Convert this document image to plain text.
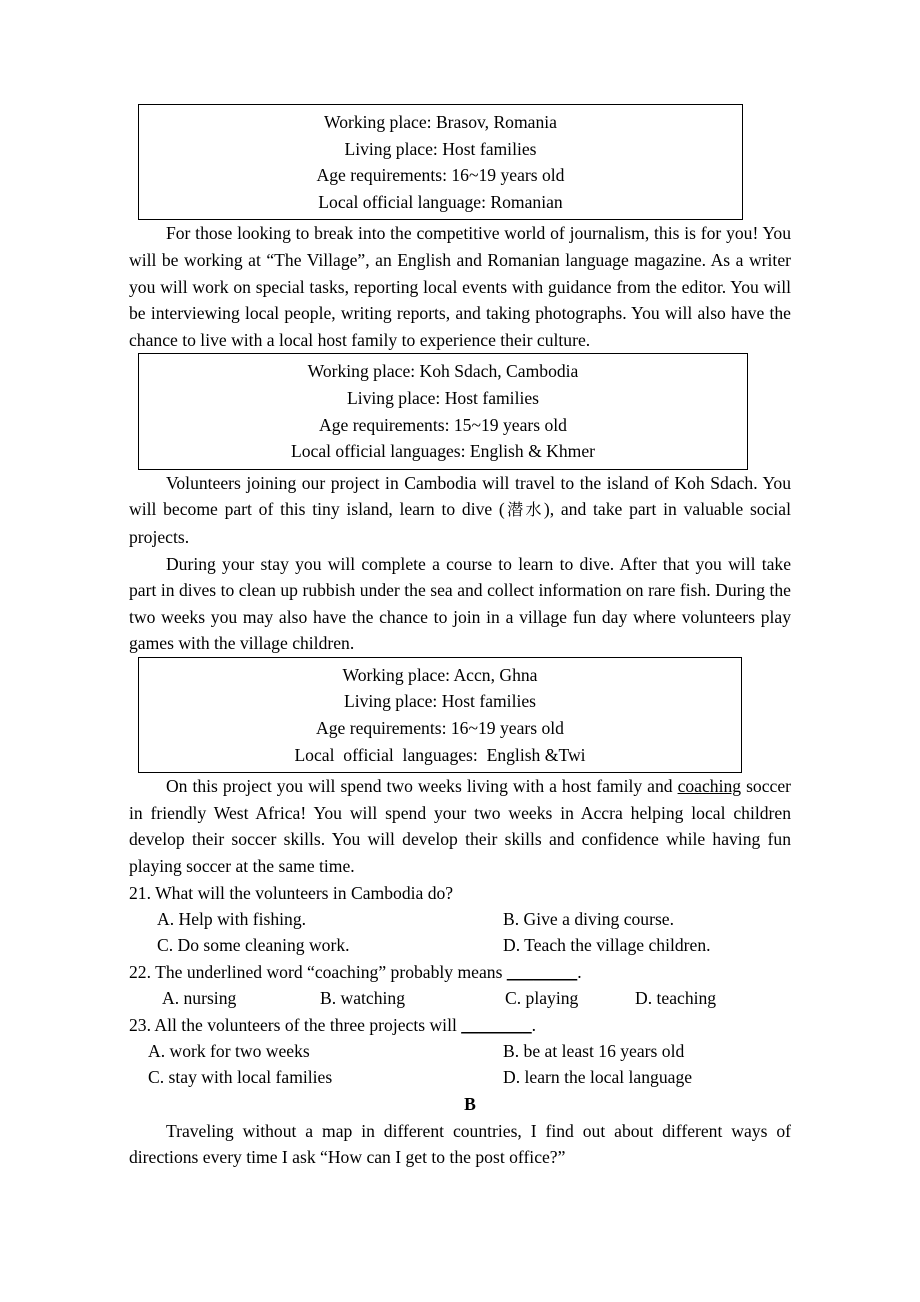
Working place: Brasov, Romania
Living place: Host families
Age requirements: 16~19 years old
Local official language: Romanian

For those looking to break into the competitive world of journalism, this is for you! You will be working at “The Village”, an English and Romanian language magazine. As a writer you will work on special tasks, reporting local events with guidance from the editor. You will be interviewing local people, writing reports, and taking photographs. You will also have the chance to live with a local host family to experience their culture.

Working place: Koh Sdach, Cambodia
Living place: Host families
Age requirements: 15~19 years old
Local official languages: English & Khmer

Volunteers joining our project in Cambodia will travel to the island of Koh Sdach. You will become part of this tiny island, learn to dive (潜水), and take part in valuable social projects.

During your stay you will complete a course to learn to dive. After that you will take part in dives to clean up rubbish under the sea and collect information on rare fish. During the two weeks you may also have the chance to join in a village fun day where volunteers play games with the village children.

Working place: Accn, Ghna
Living place: Host families
Age requirements: 16~19 years old
Local  official  languages:  English &Twi

On this project you will spend two weeks living with a host family and coaching soccer in friendly West Africa! You will spend your two weeks in Accra helping local children develop their soccer skills. You will develop their skills and confidence while having fun playing soccer at the same time.

21. What will the volunteers in Cambodia do?

A. Help with fishing.

	B. Give a diving course.

C. Do some cleaning work.

	D. Teach the village children.

22. The underlined word “coaching” probably means ________.

A. nursing

	B. watching

	C. playing

	D. teaching

23. All the volunteers of the three projects will ________.

A. work for two weeks

	B. be at least 16 years old

C. stay with local families

	D. learn the local language

B

Traveling without a map in different countries, I find out about different ways of directions every time I ask “How can I get to the post office?”
